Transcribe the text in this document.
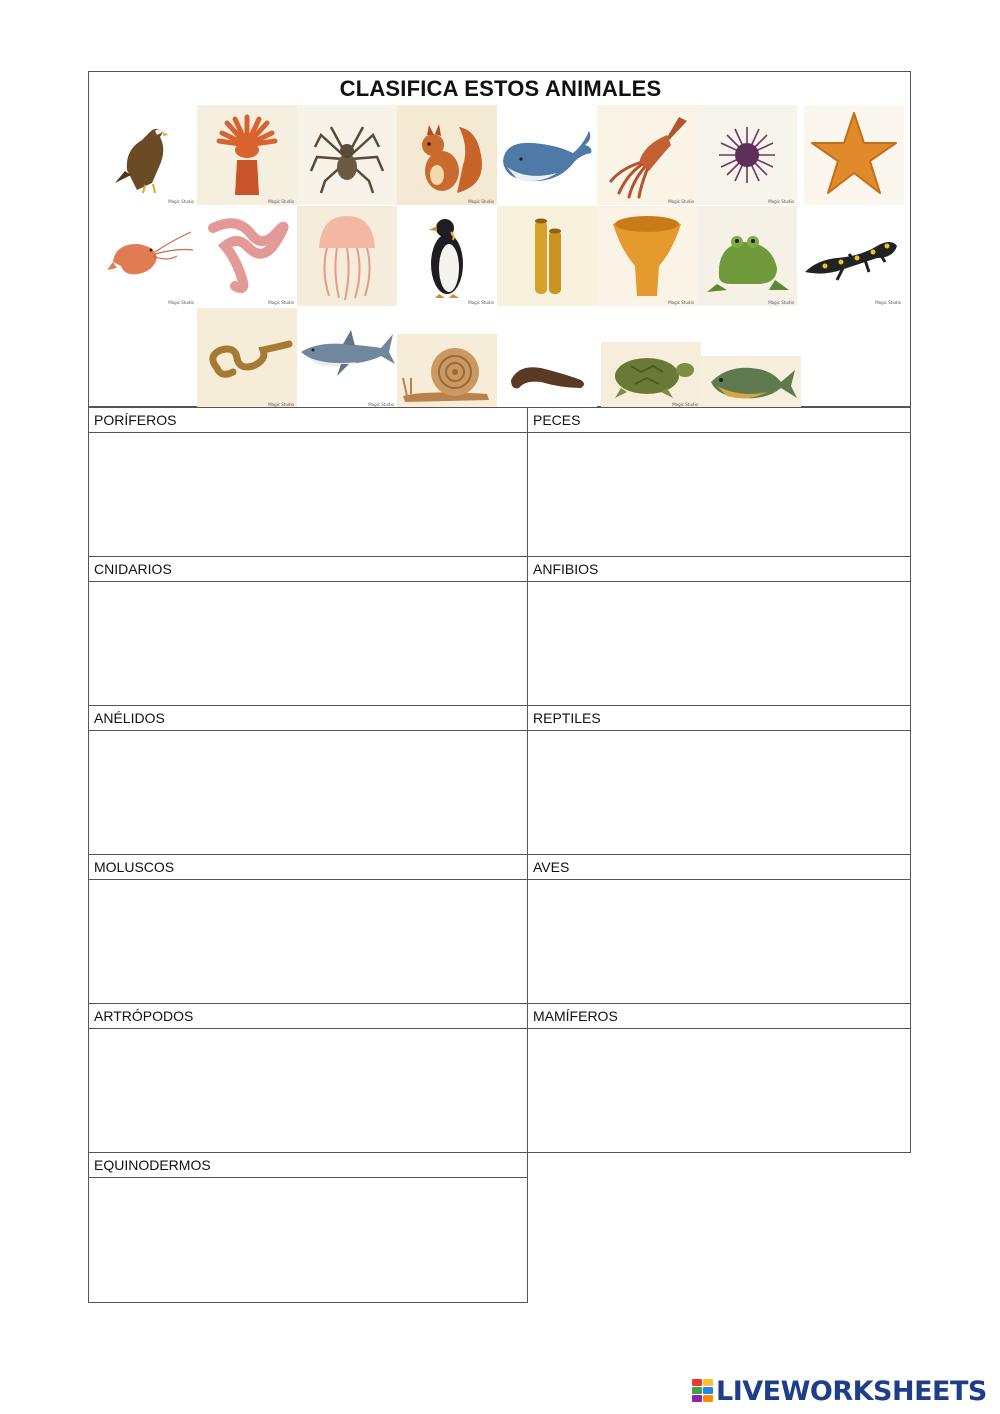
CLASIFICA ESTOS ANIMALES
Magic Studio	Magic Studio	Magic Studio	Magic Studio	Magic Studio
Magic Studio	Magic Studio	Magic Studio	Magic Studio	Magic Studio	Magic Studio
Magic Studio	Magic Studio	Magic Studio
PORÍFEROS	PECES
CNIDARIOS	ANFIBIOS
ANÉLIDOS	REPTILES
MOLUSCOS	AVES
ARTRÓPODOS	MAMÍFEROS
EQUINODERMOS
LIVEWORKSHEETS
